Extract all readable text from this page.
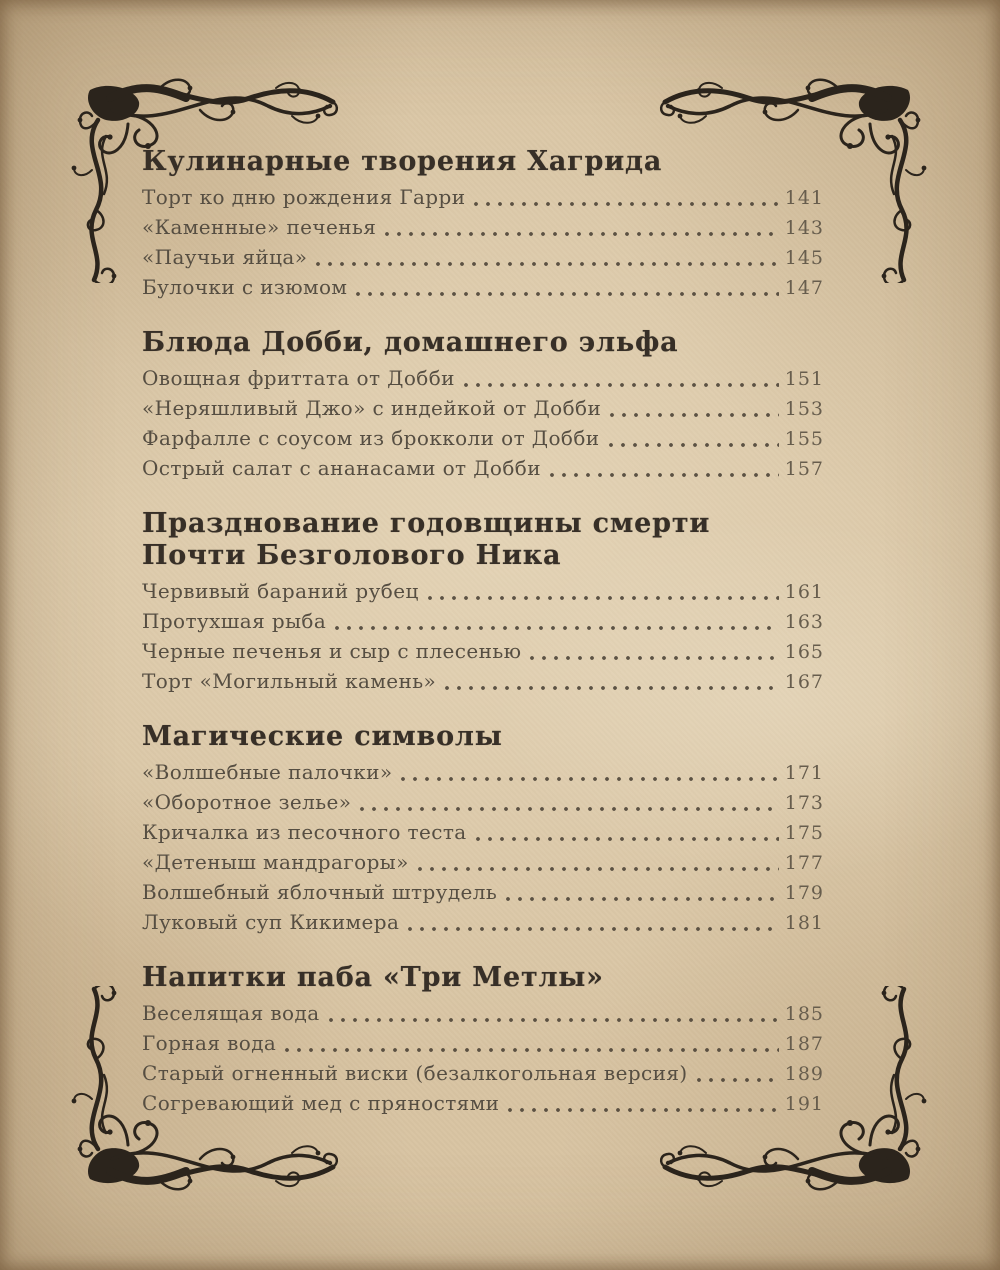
Кулинарные творения Хагрида
Торт ко дню рождения Гарри	141
«Каменные» печенья	143
«Паучьи яйца»	145
Булочки с изюмом	147
Блюда Добби, домашнего эльфа
Овощная фриттата от Добби	151
«Неряшливый Джо» с индейкой от Добби	153
Фарфалле с соусом из брокколи от Добби	155
Острый салат с ананасами от Добби	157
Празднование годовщины смерти
Почти Безголового Ника
Червивый бараний рубец	161
Протухшая рыба	163
Черные печенья и сыр с плесенью	165
Торт «Могильный камень»	167
Магические символы
«Волшебные палочки»	171
«Оборотное зелье»	173
Кричалка из песочного теста	175
«Детеныш мандрагоры»	177
Волшебный яблочный штрудель	179
Луковый суп Кикимера	181
Напитки паба «Три Метлы»
Веселящая вода	185
Горная вода	187
Старый огненный виски (безалкогольная версия)	189
Согревающий мед с пряностями	191
